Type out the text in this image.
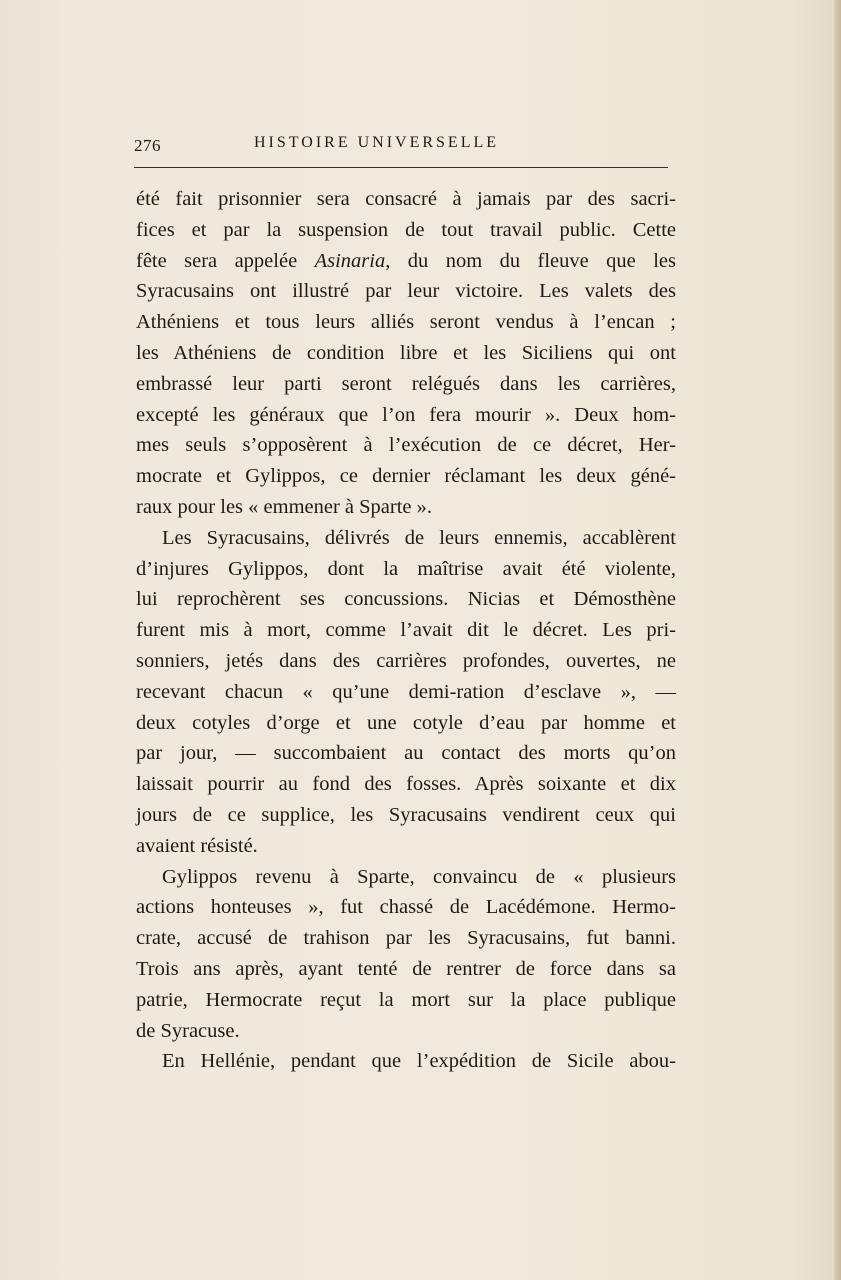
276	HISTOIRE UNIVERSELLE
été fait prisonnier sera consacré à jamais par des sacri-
fices et par la suspension de tout travail public. Cette
fête sera appelée Asinaria, du nom du fleuve que les
Syracusains ont illustré par leur victoire. Les valets des
Athéniens et tous leurs alliés seront vendus à l’encan ;
les Athéniens de condition libre et les Siciliens qui ont
embrassé leur parti seront relégués dans les carrières,
excepté les généraux que l’on fera mourir ». Deux hom-
mes seuls s’opposèrent à l’exécution de ce décret, Her-
mocrate et Gylippos, ce dernier réclamant les deux géné-
raux pour les « emmener à Sparte ».
Les Syracusains, délivrés de leurs ennemis, accablèrent
d’injures Gylippos, dont la maîtrise avait été violente,
lui reprochèrent ses concussions. Nicias et Démosthène
furent mis à mort, comme l’avait dit le décret. Les pri-
sonniers, jetés dans des carrières profondes, ouvertes, ne
recevant chacun « qu’une demi-ration d’esclave », —
deux cotyles d’orge et une cotyle d’eau par homme et
par jour, — succombaient au contact des morts qu’on
laissait pourrir au fond des fosses. Après soixante et dix
jours de ce supplice, les Syracusains vendirent ceux qui
avaient résisté.
Gylippos revenu à Sparte, convaincu de « plusieurs
actions honteuses », fut chassé de Lacédémone. Hermo-
crate, accusé de trahison par les Syracusains, fut banni.
Trois ans après, ayant tenté de rentrer de force dans sa
patrie, Hermocrate reçut la mort sur la place publique
de Syracuse.
En Hellénie, pendant que l’expédition de Sicile abou-
